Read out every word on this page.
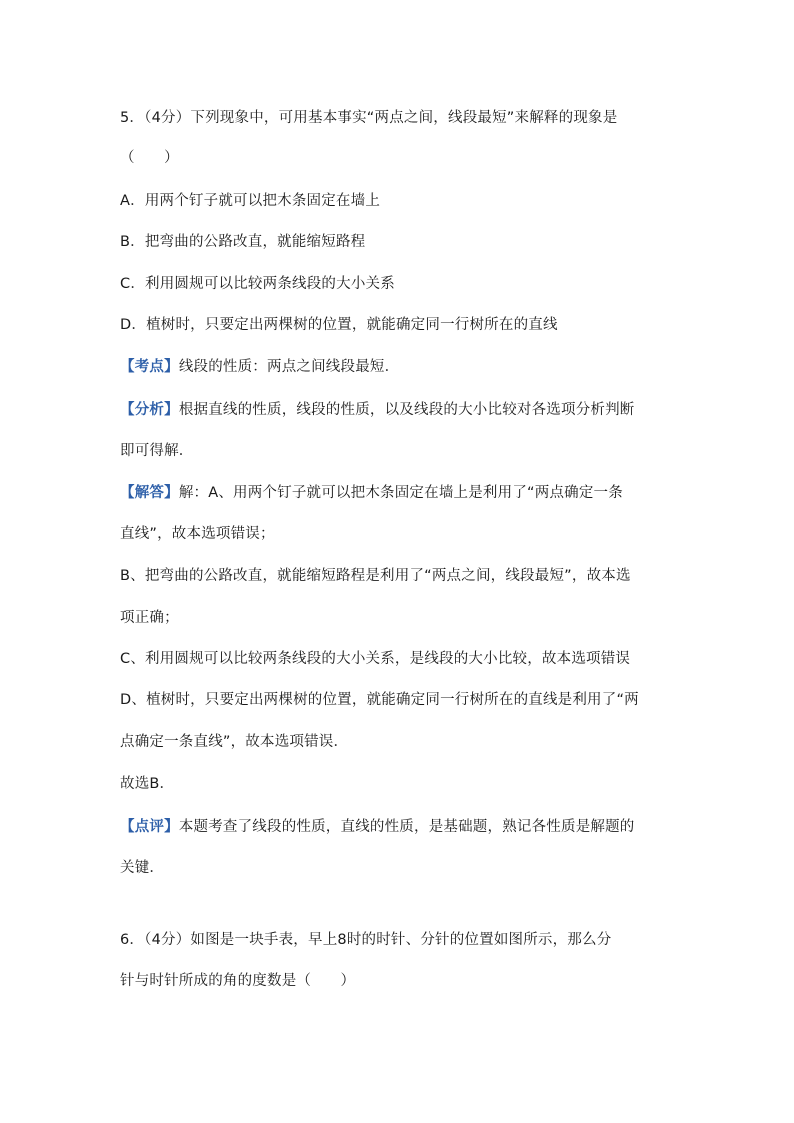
5．（4分）下列现象中，可用基本事实“两点之间，线段最短”来解释的现象是
（　　）
A．用两个钉子就可以把木条固定在墙上
B．把弯曲的公路改直，就能缩短路程
C．利用圆规可以比较两条线段的大小关系
D．植树时，只要定出两棵树的位置，就能确定同一行树所在的直线
【考点】线段的性质：两点之间线段最短．
【分析】根据直线的性质，线段的性质，以及线段的大小比较对各选项分析判断
即可得解．
【解答】解：A、用两个钉子就可以把木条固定在墙上是利用了“两点确定一条
直线”，故本选项错误；
B、把弯曲的公路改直，就能缩短路程是利用了“两点之间，线段最短”，故本选
项正确；
C、利用圆规可以比较两条线段的大小关系，是线段的大小比较，故本选项错误
D、植树时，只要定出两棵树的位置，就能确定同一行树所在的直线是利用了“两
点确定一条直线”，故本选项错误．
故选B．
【点评】本题考查了线段的性质，直线的性质，是基础题，熟记各性质是解题的
关键．
6．（4分）如图是一块手表，早上8时的时针、分针的位置如图所示，那么分
针与时针所成的角的度数是（　　）
